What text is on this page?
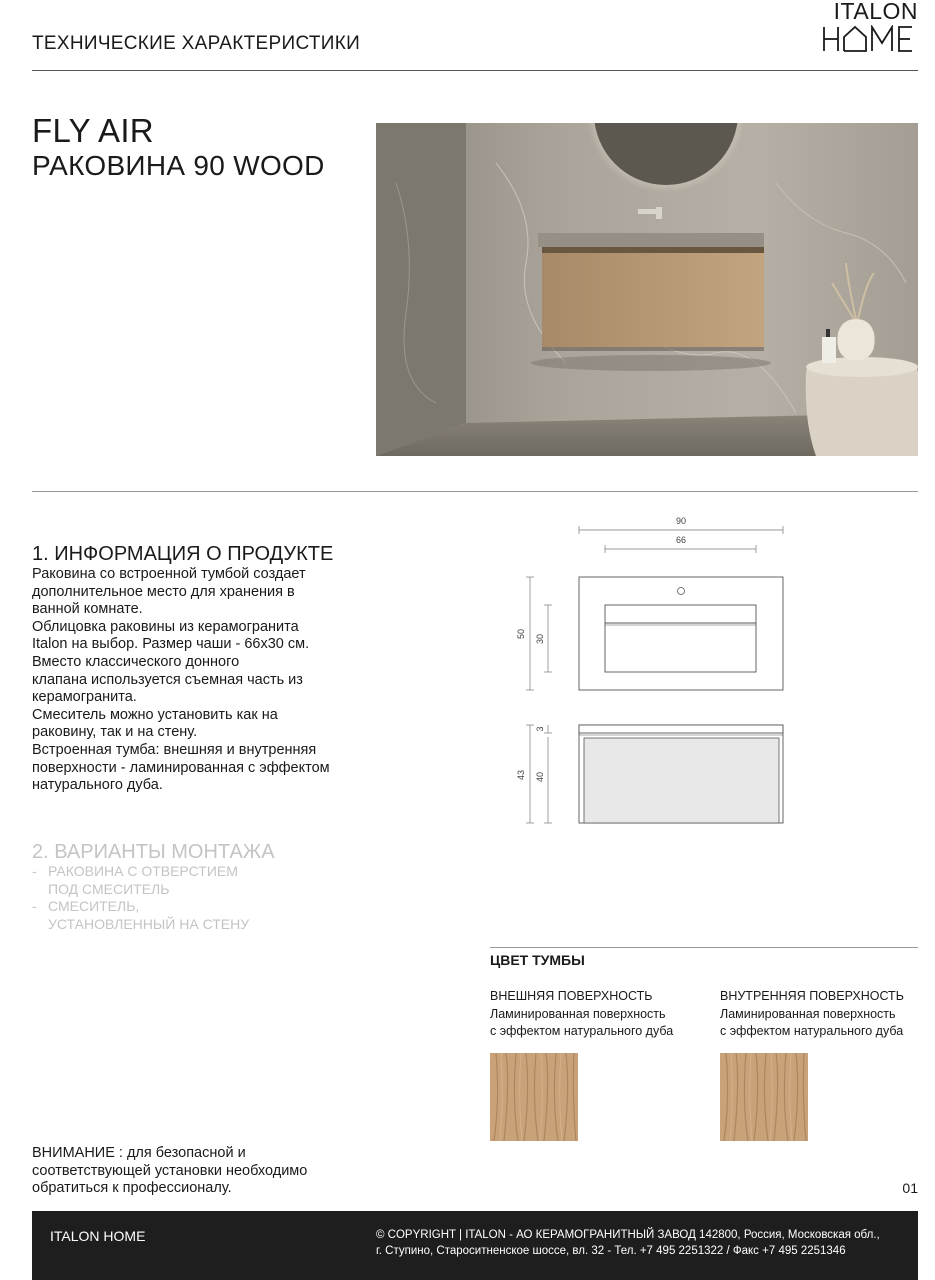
ТЕХНИЧЕСКИЕ ХАРАКТЕРИСТИКИ
ITALON
FLY AIR
РАКОВИНА 90 WOOD
1. ИНФОРМАЦИЯ О ПРОДУКТЕ

Раковина со встроенной тумбой создает

дополнительное место для хранения в

ванной комнате.

Облицовка раковины из керамогранита

Italon на выбор. Размер чаши - 66x30 см.

Вместо классического донного

клапана используется съемная часть из

керамогранита.

Смеситель можно установить как на

раковину, так и на стену.

Встроенная тумба: внешняя и внутренняя

поверхности - ламинированная с эффектом

натурального дуба.

2. ВАРИАНТЫ МОНТАЖА
- РАКОВИНА С ОТВЕРСТИЕМ
ПОД СМЕСИТЕЛЬ
- СМЕСИТЕЛЬ,
УСТАНОВЛЕННЫЙ НА СТЕНУ
90
66
50 30
43
3
40
ЦВЕТ ТУМБЫ
ВНЕШНЯЯ ПОВЕРХНОСТЬ
Ламинированная поверхность
с эффектом натурального дуба
ВНУТРЕННЯЯ ПОВЕРХНОСТЬ
Ламинированная поверхность
с эффектом натурального дуба
ВНИМАНИЕ : для безопасной и соответствующей установки необходимо обратиться к профессионалу.	01
ITALON HOME	© COPYRIGHT | ITALON - АО КЕРАМОГРАНИТНЫЙ ЗАВОД 142800, Россия, Московская обл.,
г. Ступино, Староситненское шоссе, вл. 32 - Тел. +7 495 2251322 / Факс +7 495 2251346
